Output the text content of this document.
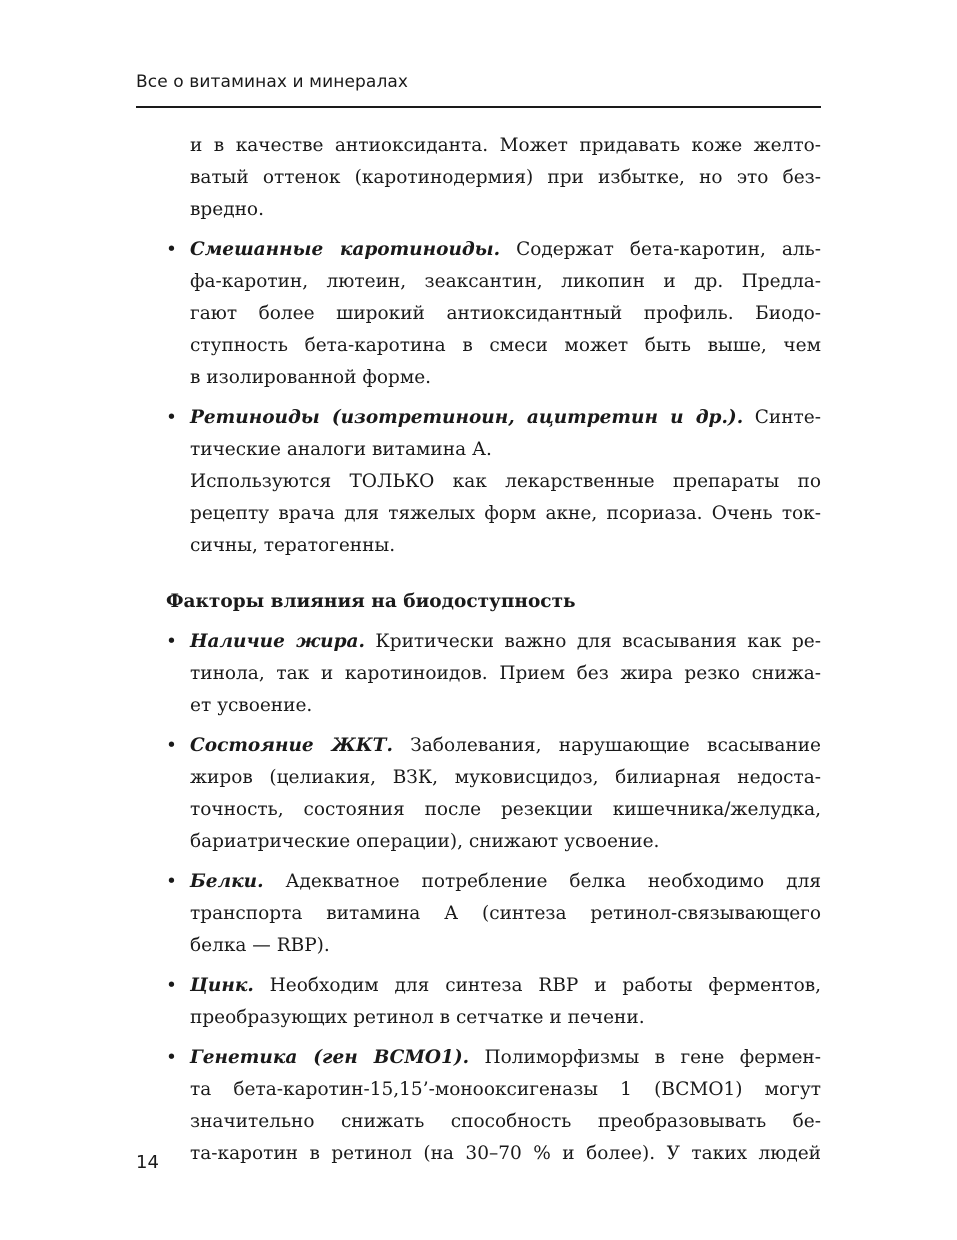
Все о витаминах и минералах
и в качестве антиоксиданта. Может придавать коже желто-
ватый оттенок (каротинодермия) при избытке, но это без-
вредно.
• Смешанные каротиноиды. Содержат бета-каротин, аль-
фа-каротин, лютеин, зеаксантин, ликопин и др. Предла-
гают более широкий антиоксидантный профиль. Биодо-
ступность бета-каротина в смеси может быть выше, чем
в изолированной форме.
• Ретиноиды (изотретиноин, ацитретин и др.). Синте-
тические аналоги витамина А.
Используются ТОЛЬКО как лекарственные препараты по
рецепту врача для тяжелых форм акне, псориаза. Очень ток-
сичны, тератогенны.
Факторы влияния на биодоступность
• Наличие жира. Критически важно для всасывания как ре-
тинола, так и каротиноидов. Прием без жира резко снижа-
ет усвоение.
• Состояние ЖКТ. Заболевания, нарушающие всасывание
жиров (целиакия, ВЗК, муковисцидоз, билиарная недоста-
точность, состояния после резекции кишечника/желудка,
бариатрические операции), снижают усвоение.
• Белки. Адекватное потребление белка необходимо для
транспорта витамина А (синтеза ретинол-связывающего
белка — RBP).
• Цинк. Необходим для синтеза RBP и работы ферментов,
преобразующих ретинол в сетчатке и печени.
• Генетика (ген BCMO1). Полиморфизмы в гене фермен-
та бета-каротин-15,15’-монооксигеназы 1 (BCMO1) могут
значительно снижать способность преобразовывать бе-
та-каротин в ретинол (на 30–70 % и более). У таких людей
14
